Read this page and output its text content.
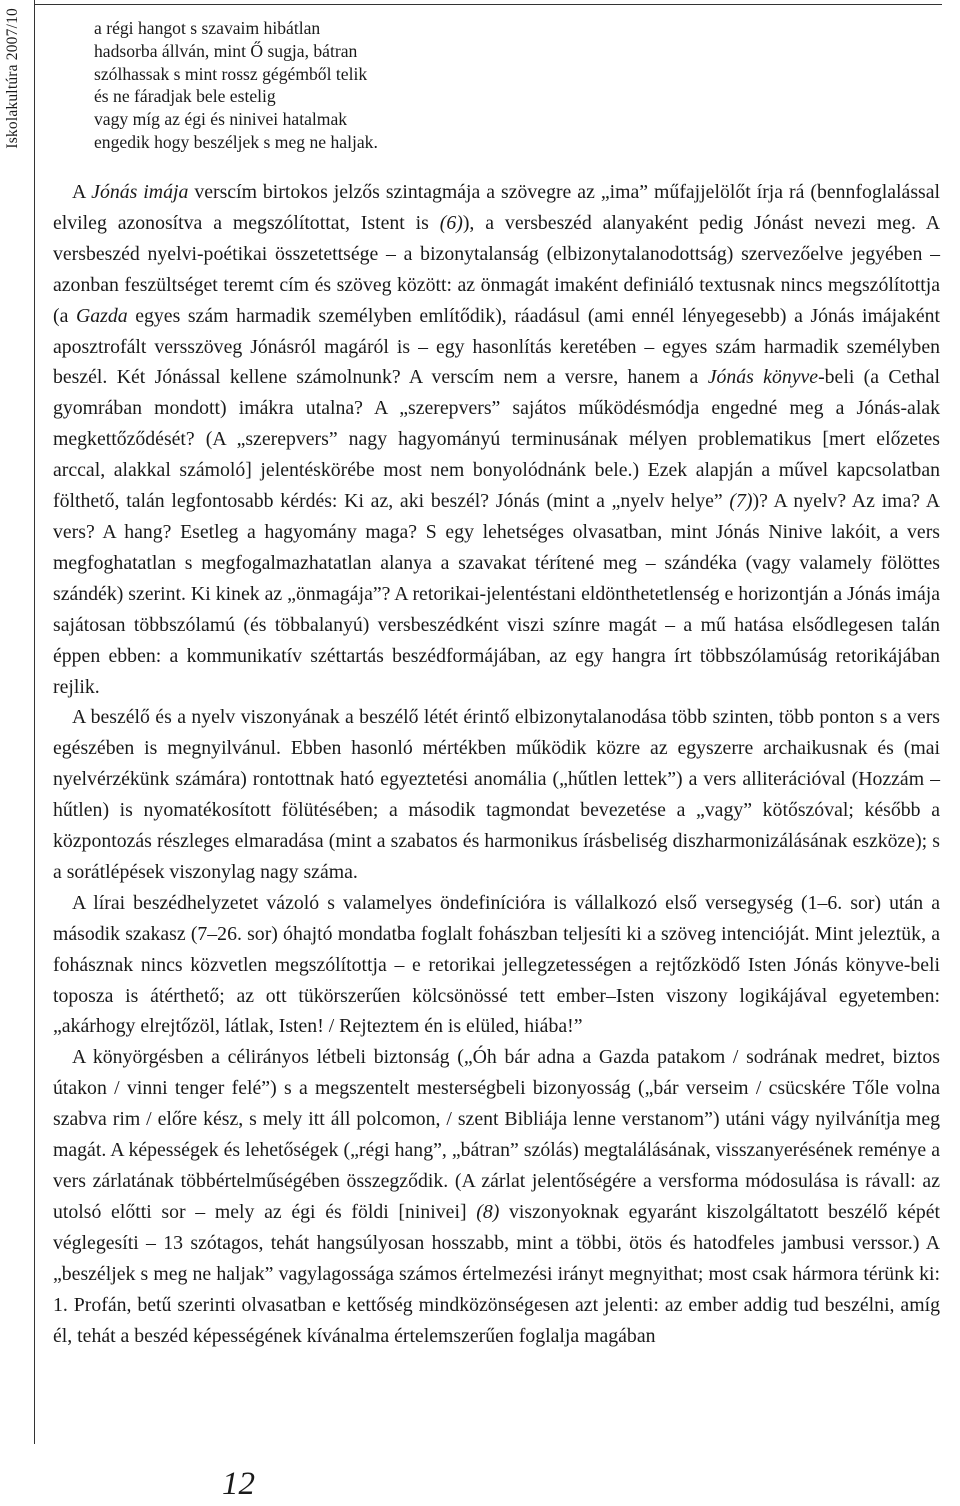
Iskolakultúra 2007/10	a régi hangot s szavaim hibátlan
hadsorba állván, mint Ő sugja, bátran
szólhassak s mint rossz gégémből telik
és ne fáradjak bele estelig
vagy míg az égi és ninivei hatalmak
engedik hogy beszéljek s meg ne haljak.

A Jónás imája verscím birtokos jelzős szintagmája a szövegre az „ima” műfajjelölőt írja rá (bennfoglalással elvileg azonosítva a megszólítottat, Istent is (6)), a versbeszéd alanyaként pedig Jónást nevezi meg. A versbeszéd nyelvi-poétikai összetettsége – a bizonytalanság (elbizonytalanodottság) szervezőelve jegyében – azonban feszültséget teremt cím és szöveg között: az önmagát imaként definiáló textusnak nincs megszólítottja (a Gazda egyes szám harmadik személyben említődik), ráadásul (ami ennél lényegesebb) a Jónás imájaként aposztrofált versszöveg Jónásról magáról is – egy hasonlítás keretében – egyes szám harmadik személyben beszél. Két Jónással kellene számolnunk? A verscím nem a versre, hanem a Jónás könyve-beli (a Cethal gyomrában mondott) imákra utalna? A „szerepvers” sajátos működésmódja engedné meg a Jónás-alak megkettőződését? (A „szerepvers” nagy hagyományú terminusának mélyen problematikus [mert előzetes arccal, alakkal számoló] jelentéskörébe most nem bonyolódnánk bele.) Ezek alapján a művel kapcsolatban fölthető, talán legfontosabb kérdés: Ki az, aki beszél? Jónás (mint a „nyelv helye” (7))? A nyelv? Az ima? A vers? A hang? Esetleg a hagyomány maga? S egy lehetséges olvasatban, mint Jónás Ninive lakóit, a vers megfoghatatlan s megfogalmazhatatlan alanya a szavakat térítené meg – szándéka (vagy valamely fölöttes szándék) szerint. Ki kinek az „önmagája”? A retorikai-jelentéstani eldönthetetlenség e horizontján a Jónás imája sajátosan többszólamú (és többalanyú) versbeszédként viszi színre magát – a mű hatása elsődlegesen talán éppen ebben: a kommunikatív széttartás beszédformájában, az egy hangra írt többszólamúság retorikájában rejlik.

A beszélő és a nyelv viszonyának a beszélő létét érintő elbizonytalanodása több szinten, több ponton s a vers egészében is megnyilvánul. Ebben hasonló mértékben működik közre az egyszerre archaikusnak és (mai nyelvérzékünk számára) rontottnak ható egyeztetési anomália („hűtlen lettek”) a vers alliterációval (Hozzám – hűtlen) is nyomatékosított fölütésében; a második tagmondat bevezetése a „vagy” kötőszóval; később a központozás részleges elmaradása (mint a szabatos és harmonikus írásbeliség diszharmonizálásának eszköze); s a sorátlépések viszonylag nagy száma.

A lírai beszédhelyzetet vázoló s valamelyes öndefinícióra is vállalkozó első versegység (1–6. sor) után a második szakasz (7–26. sor) óhajtó mondatba foglalt fohászban teljesíti ki a szöveg intencióját. Mint jeleztük, a fohásznak nincs közvetlen megszólítottja – e retorikai jellegzetességen a rejtőzködő Isten Jónás könyve-beli toposza is átérthető; az ott tükörszerűen kölcsönössé tett ember–Isten viszony logikájával egyetemben: „akárhogy elrejtőzöl, látlak, Isten! / Rejteztem én is elüled, hiába!”

A könyörgésben a célirányos létbeli biztonság („Óh bár adna a Gazda patakom / sodrának medret, biztos útakon / vinni tenger felé”) s a megszentelt mesterségbeli bizonyosság („bár verseim / csücskére Tőle volna szabva rim / előre kész, s mely itt áll polcomon, / szent Bibliája lenne verstanom”) utáni vágy nyilvánítja meg magát. A képességek és lehetőségek („régi hang”, „bátran” szólás) megtalálásának, visszanyerésének reménye a vers zárlatának többértelműségében összegződik. (A zárlat jelentőségére a versforma módosulása is rávall: az utolsó előtti sor – mely az égi és földi [ninivei] (8) viszonyoknak egyaránt kiszolgáltatott beszélő képét véglegesíti – 13 szótagos, tehát hangsúlyosan hosszabb, mint a többi, ötös és hatodfeles jambusi verssor.) A „beszéljek s meg ne haljak” vagylagossága számos értelmezési irányt megnyithat; most csak hármora térünk ki: 1. Profán, betű szerinti olvasatban e kettőség mindközönségesen azt jelenti: az ember addig tud beszélni, amíg él, tehát a beszéd képességének kívánalma értelemszerűen foglalja magában

12
